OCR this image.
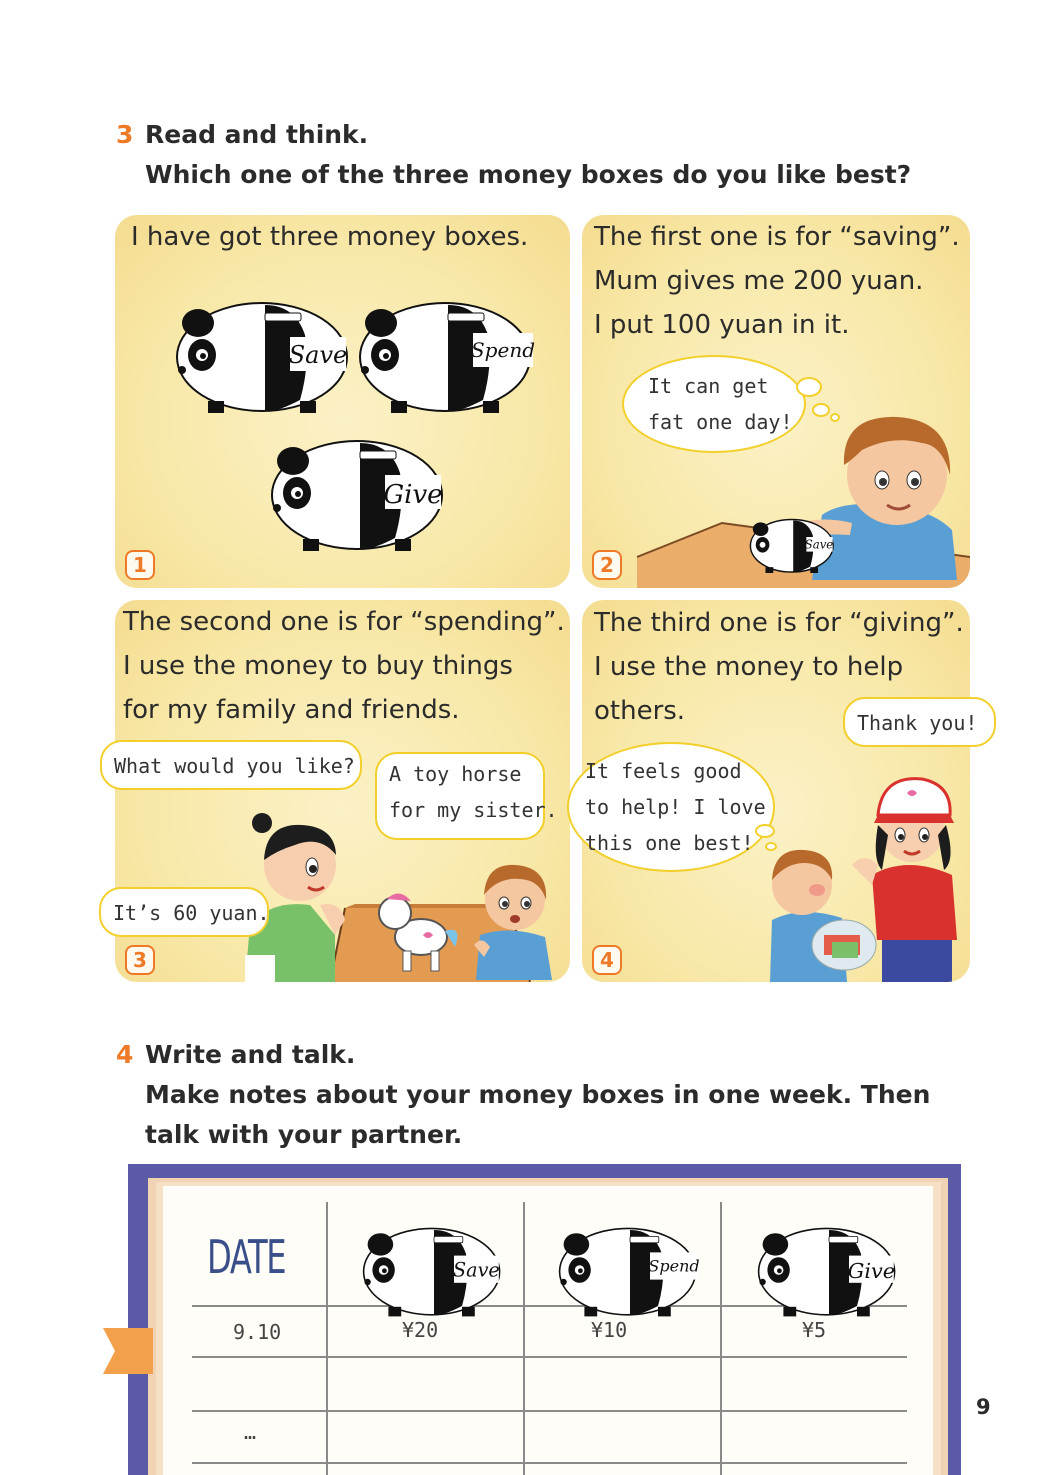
3 Read and think.
Which one of the three money boxes do you like best?
I have got three money boxes.
Save	Spend
Give
1
The first one is for “saving”.
Mum gives me 200 yuan.
I put 100 yuan in it.
It can get
fat one day!
Save
2
The second one is for “spending”.
I use the money to buy things
for my family and friends.
3
What would you like?	A toy horse
for my sister.
It’s 60 yuan.
The third one is for “giving”.
I use the money to help
others.
4
It feels good
to help! I love
this one best!
Thank you!
4 Write and talk.
Make notes about your money boxes in one week. Then
talk with your partner.
DATE	Save	Spend	Give
9.10	¥20	¥10	¥5
…
9
